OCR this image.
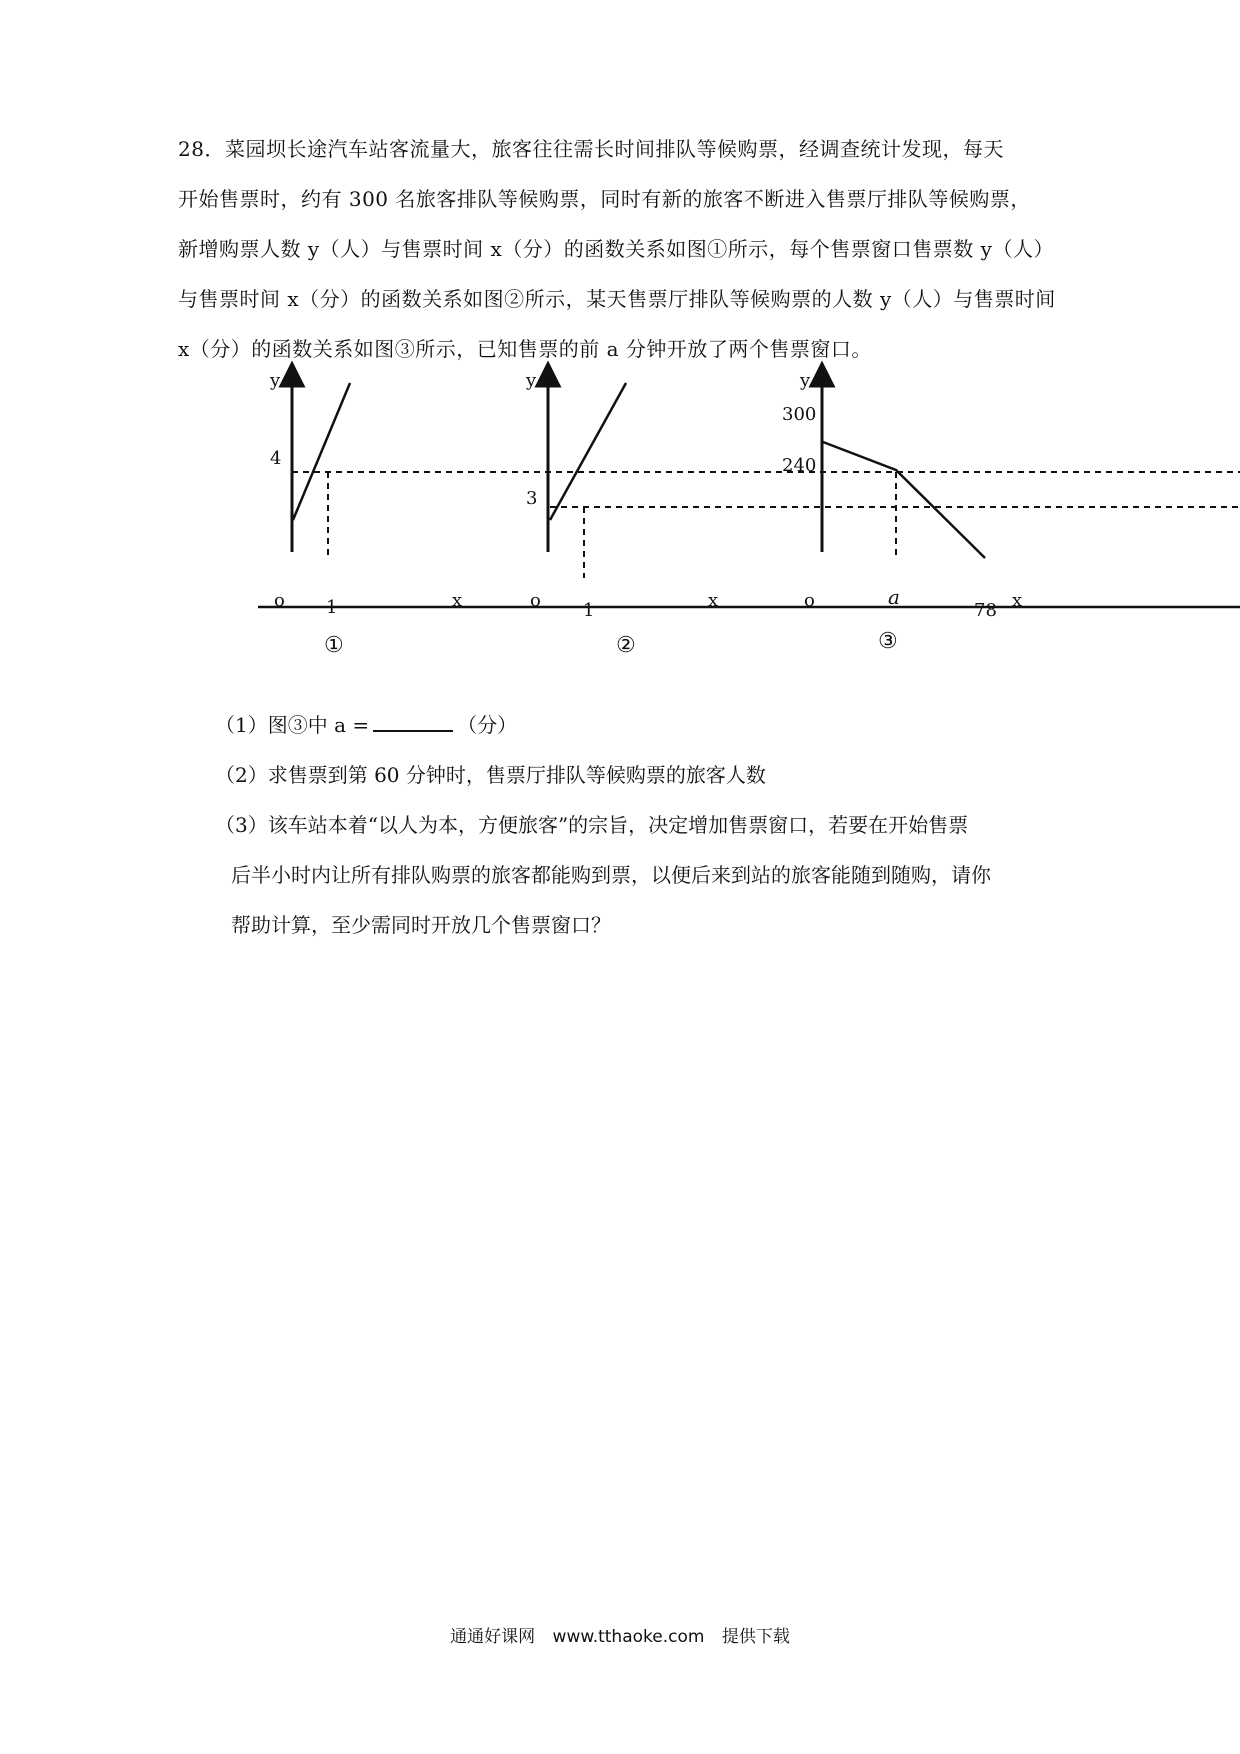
28．菜园坝长途汽车站客流量大，旅客往往需长时间排队等候购票，经调查统计发现，每天

开始售票时，约有 300 名旅客排队等候购票，同时有新的旅客不断进入售票厅排队等候购票，

新增购票人数 y（人）与售票时间 x（分）的函数关系如图①所示，每个售票窗口售票数 y（人）

与售票时间 x（分）的函数关系如图②所示，某天售票厅排队等候购票的人数 y（人）与售票时间

x（分）的函数关系如图③所示，已知售票的前 a 分钟开放了两个售票窗口。

y
4
o 1	x
①
y
3
o 1	x
②
y
300
240
o	a
78 x
③

（1）图③中 a =	（分）

（2）求售票到第 60 分钟时，售票厅排队等候购票的旅客人数

（3）该车站本着“以人为本，方便旅客”的宗旨，决定增加售票窗口，若要在开始售票

后半小时内让所有排队购票的旅客都能购到票，以便后来到站的旅客能随到随购，请你

帮助计算，至少需同时开放几个售票窗口？

通通好课网 www.tthaoke.com 提供下载
